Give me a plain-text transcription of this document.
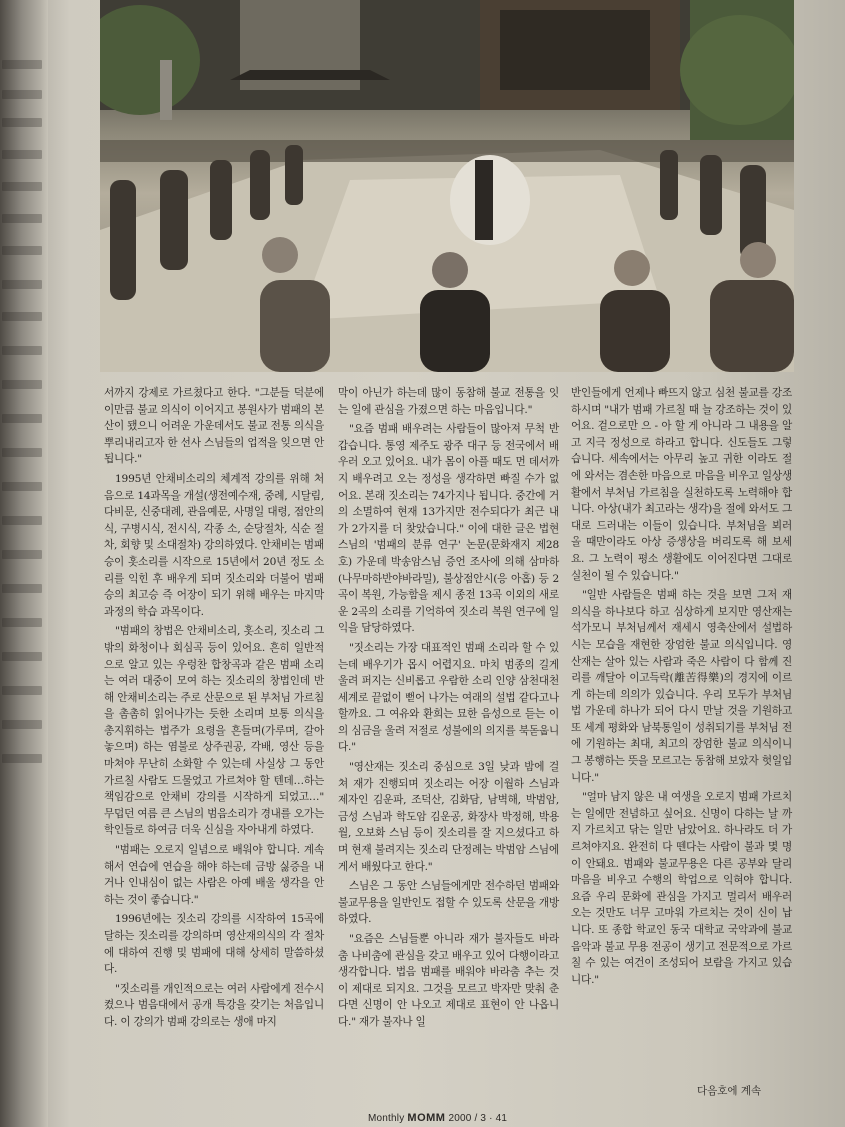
서까지 강제로 가르쳤다고 한다. "그분들 덕분에 이만큼 불교 의식이 이어지고 봉원사가 범패의 본산이 됐으니 어려운 가운데서도 불교 전통 의식을 뿌리내리고자 한 선사 스님들의 업적을 잊으면 안됩니다."

1995년 안채비소리의 체계적 강의를 위해 처음으로 14과목을 개설(생전예수재, 중례, 시달림, 다비문, 신중대례, 관음예문, 사명일 대령, 점안의식, 구병시식, 전시식, 각종 소, 순당절차, 식순 절차, 회향 및 소대절차) 강의하였다. 안채비는 범패승이 홋소리를 시작으로 15년에서 20년 정도 소리를 익힌 후 배우게 되며 짓소리와 더불어 범패승의 최고승 즉 어장이 되기 위해 배우는 마지막 과정의 학습 과목이다.

"범패의 창법은 안채비소리, 홋소리, 짓소리 그 밖의 화청이나 회심곡 등이 있어요. 흔히 일반적으로 알고 있는 우렁찬 합창곡과 같은 범패 소리는 여러 대중이 모여 하는 짓소리의 창법인데 반해 안채비소리는 주로 산문으로 된 부처님 가르침을 촘촘히 읽어나가는 듯한 소리며 보통 의식을 총지휘하는 법주가 요령을 흔들며(가루며, 갈아 놓으며) 하는 염불로 상주권공, 각배, 영산 등을 마쳐야 무난히 소화할 수 있는데 사실상 그 동안 가르칠 사람도 드물었고 가르쳐야 할 텐데…하는 책임감으로 안채비 강의를 시작하게 되었고…" 무덥던 여름 큰 스님의 범음소리가 경내를 오가는 학인들로 하여금 더욱 신심을 자아내게 하였다.

"범패는 오로지 일념으로 배워야 합니다. 계속해서 연습에 연습을 해야 하는데 금방 싫증을 내거나 인내심이 없는 사람은 아예 배울 생각을 안 하는 것이 좋습니다."

1996년에는 짓소리 강의를 시작하여 15곡에 달하는 짓소리를 강의하며 영산재의식의 각 절차에 대하여 진행 및 범패에 대해 상세히 말씀하셨다.

"짓소리를 개인적으로는 여러 사람에게 전수시켰으나 범음대에서 공개 특강을 갖기는 처음입니다. 이 강의가 범패 강의로는 생애 마지

막이 아닌가 하는데 많이 동참해 불교 전통을 잇는 일에 관심을 가졌으면 하는 마음입니다."

"요즘 범패 배우려는 사람들이 많아져 무척 반갑습니다. 통영 제주도 광주 대구 등 전국에서 배우러 오고 있어요. 내가 몸이 아플 때도 먼 데서까지 배우려고 오는 정성을 생각하면 빠질 수가 없어요. 본래 짓소리는 74가지나 됩니다. 중간에 거의 소멸하여 현재 13가지만 전수되다가 최근 내가 2가지를 더 찾았습니다." 이에 대한 글은 법현스님의 '범패의 분류 연구' 논문(문화재지 제28호) 가운데 박송암스님 증언 조사에 의해 삼마하(나무마하반야바라밀), 불상점안시(응 아홉) 등 2곡이 복원, 가능함을 제시 종전 13곡 이외의 새로운 2곡의 소리를 기억하여 짓소리 복원 연구에 일익을 담당하였다.

"짓소리는 가장 대표적인 범패 소리라 할 수 있는데 배우기가 몹시 어렵지요. 마치 범종의 길게 울려 퍼지는 신비롭고 우람한 소리 인양 삼천대천세계로 끝없이 뻗어 나가는 여래의 설법 같다고나 할까요. 그 여유와 환희는 묘한 음성으로 듣는 이의 심금을 울려 저절로 성불에의 의지를 북돋웁니다."

"영산재는 짓소리 중심으로 3일 낮과 밤에 걸쳐 재가 진행되며 짓소리는 어장 이월하 스님과 제자인 김운파, 조덕산, 김화담, 남벽해, 박범암, 금성 스님과 학도암 김운공, 화장사 박정해, 박용월, 오보화 스님 등이 짓소리를 잘 지으셨다고 하며 현재 불려지는 짓소리 단정례는 박범암 스님에게서 배웠다고 한다."

스님은 그 동안 스님들에게만 전수하던 범패와 불교무용을 일반인도 접할 수 있도록 산문을 개방하였다.

"요즘은 스님들뿐 아니라 재가 불자들도 바라춤 나비춤에 관심을 갖고 배우고 있어 다행이라고 생각합니다. 법음 범패를 배워야 바라춤 추는 것이 제대로 되지요. 그것을 모르고 박자만 맞춰 춘다면 신명이 안 나오고 제대로 표현이 안 나옵니다." 재가 불자나 일

반인들에게 언제나 빠뜨지 않고 심천 불교를 강조하시며 "내가 범패 가르칠 때 늘 강조하는 것이 있어요. 겉으로만 으 - 아 할 게 아니라 그 내용을 알고 지극 정성으로 하라고 합니다. 신도들도 그렇습니다. 세속에서는 아무리 높고 귀한 이라도 절에 와서는 겸손한 마음으로 마음을 비우고 일상생활에서 부처님 가르침을 실천하도록 노력해야 합니다. 아상(내가 최고라는 생각)을 절에 와서도 그대로 드러내는 이들이 있습니다. 부처님을 뵈러 올 때만이라도 아상 증생상을 버리도록 해 보세요. 그 노력이 평소 생활에도 이어진다면 그대로 실천이 될 수 있습니다."

"일반 사람들은 범패 하는 것을 보면 그저 재 의식을 하나보다 하고 심상하게 보지만 영산재는 석가모니 부처님께서 재세시 영축산에서 설법하시는 모습을 재현한 장엄한 불교 의식입니다. 영산재는 살아 있는 사람과 죽은 사람이 다 함께 진리를 깨달아 이고득락(離苦得樂)의 경지에 이르게 하는데 의의가 있습니다. 우리 모두가 부처님법 가운데 하나가 되어 다시 만날 것을 기원하고 또 세계 평화와 남북통일이 성취되기를 부처님 전에 기원하는 최대, 최고의 장엄한 불교 의식이니 그 봉행하는 뜻을 모르고는 동참해 보았자 헛일입니다."

"얼마 남지 않은 내 여생을 오로지 범패 가르치는 일에만 전념하고 싶어요. 신명이 다하는 날 까지 가르치고 닦는 일만 남았어요. 하나라도 더 가르쳐야지요. 완전히 다 뗀다는 사람이 불과 몇 명이 안돼요. 범패와 불교무용은 다른 공부와 달리 마음을 비우고 수행의 학업으로 익혀야 합니다. 요즘 우리 문화에 관심을 가지고 멀리서 배우러 오는 것만도 너무 고마워 가르치는 것이 신이 납니다. 또 종합 학교인 동국 대학교 국악과에 불교음악과 불교 무용 전공이 생기고 전문적으로 가르칠 수 있는 여건이 조성되어 보람을 가지고 있습니다."

다음호에 계속
Monthly MOMM 2000 / 3 · 41
